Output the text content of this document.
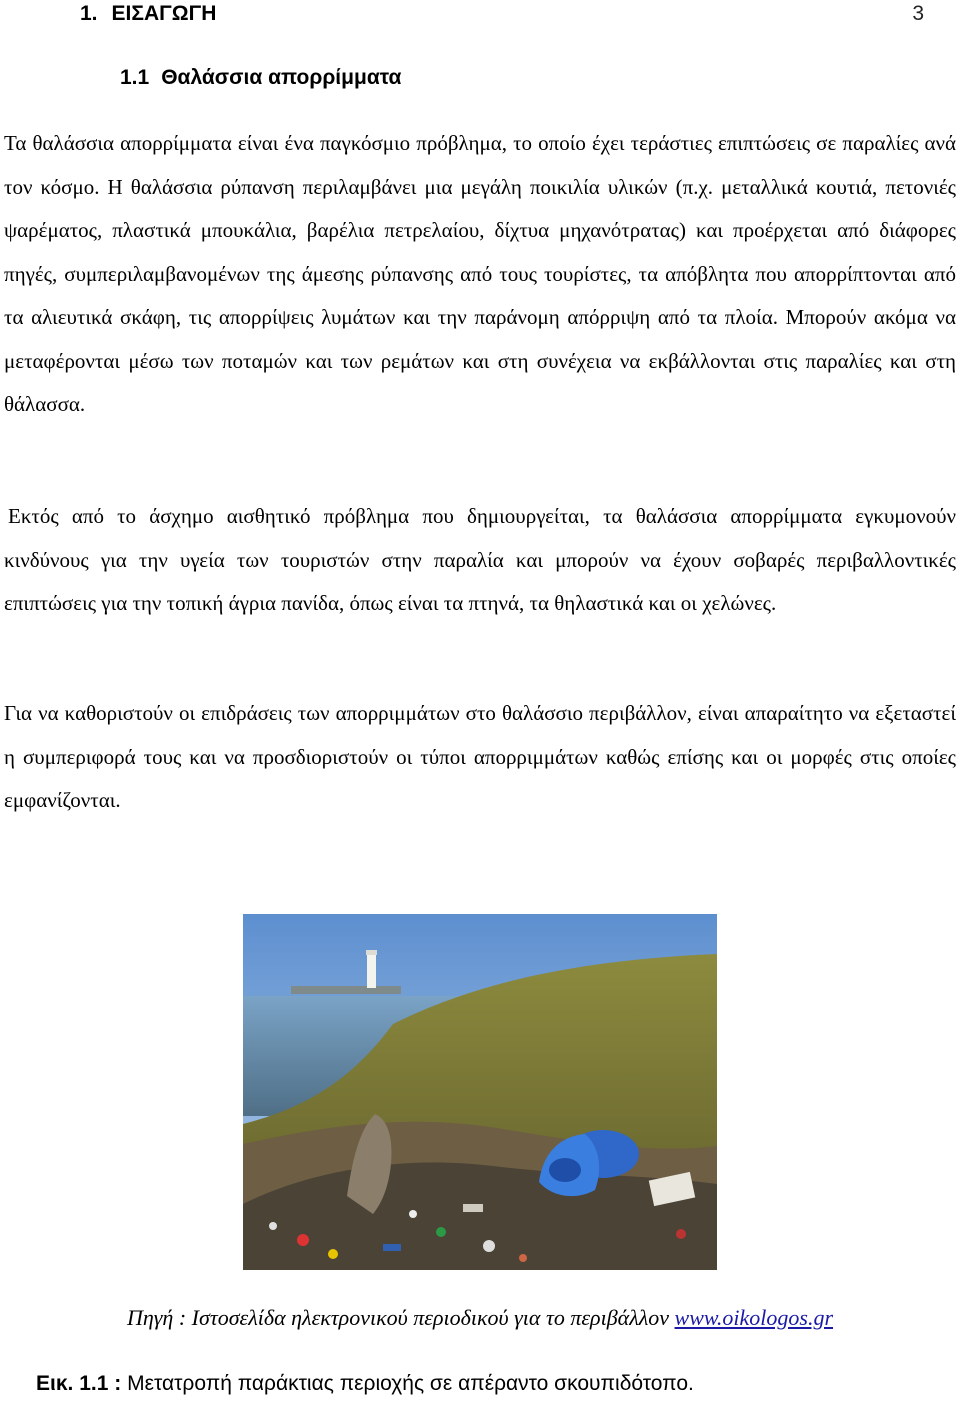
1. ΕΙΣΑΓΩΓΗ	3
1.1 Θαλάσσια απορρίμματα

Τα θαλάσσια απορρίμματα είναι ένα παγκόσμιο πρόβλημα, το οποίο έχει τεράστιες επιπτώσεις σε παραλίες ανά τον κόσμο. Η θαλάσσια ρύπανση περιλαμβάνει μια μεγάλη ποικιλία υλικών (π.χ. μεταλλικά κουτιά, πετονιές ψαρέματος, πλαστικά μπουκάλια, βαρέλια πετρελαίου, δίχτυα μηχανότρατας) και προέρχεται από διάφορες πηγές, συμπεριλαμβανομένων της άμεσης ρύπανσης από τους τουρίστες, τα απόβλητα που απορρίπτονται από τα αλιευτικά σκάφη, τις απορρίψεις λυμάτων και την παράνομη απόρριψη από τα πλοία. Μπορούν ακόμα να μεταφέρονται μέσω των ποταμών και των ρεμάτων και στη συνέχεια να εκβάλλονται στις παραλίες και στη θάλασσα.

Εκτός από το άσχημο αισθητικό πρόβλημα που δημιουργείται, τα θαλάσσια απορρίμματα εγκυμονούν κινδύνους για την υγεία των τουριστών στην παραλία και μπορούν να έχουν σοβαρές περιβαλλοντικές επιπτώσεις για την τοπική άγρια πανίδα, όπως είναι τα πτηνά, τα θηλαστικά και οι χελώνες.

Για να καθοριστούν οι επιδράσεις των απορριμμάτων στο θαλάσσιο περιβάλλον, είναι απαραίτητο να εξεταστεί η συμπεριφορά τους και να προσδιοριστούν οι τύποι απορριμμάτων καθώς επίσης και οι μορφές στις οποίες εμφανίζονται.

Πηγή : Ιστοσελίδα ηλεκτρονικού περιοδικού για το περιβάλλον www.oikologos.gr
Εικ. 1.1 : Μετατροπή παράκτιας περιοχής σε απέραντο σκουπιδότοπο.
